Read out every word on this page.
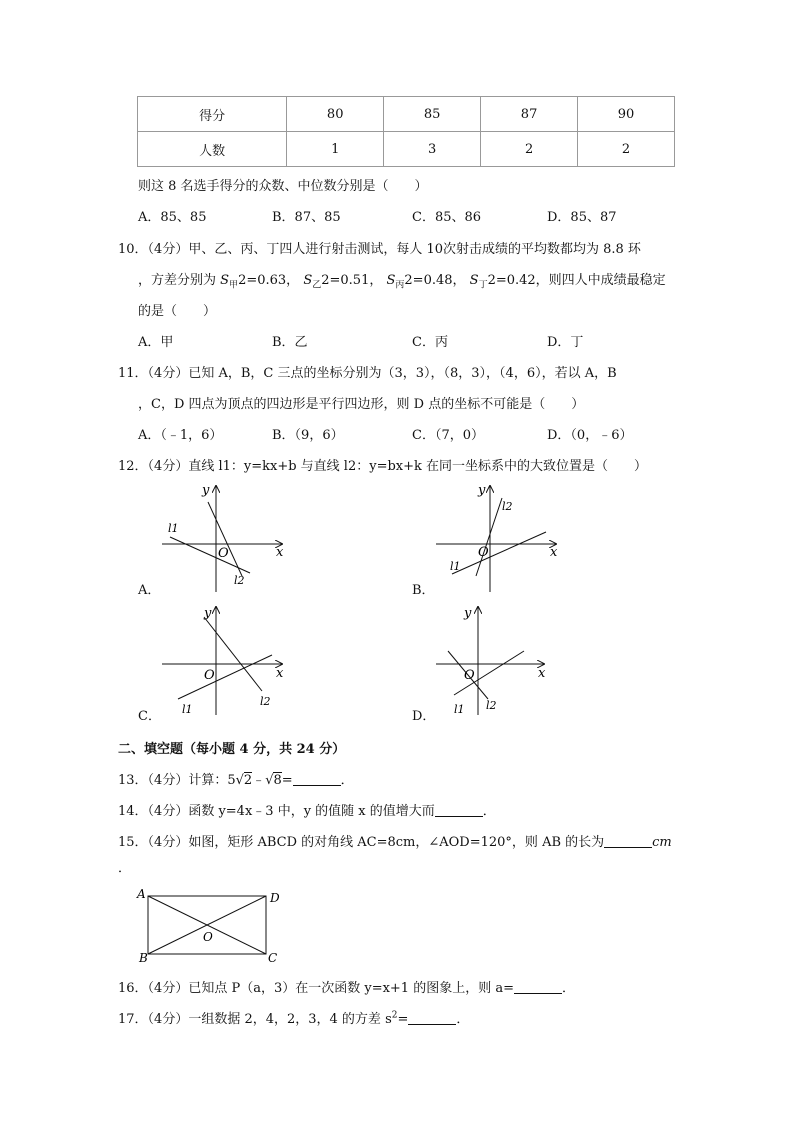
得分	80	85	87	90
人数	1	3	2	2
则这 8 名选手得分的众数、中位数分别是（　　）
A．85、85	B．87、85	C．85、86	D．85、87
10．（4分）甲、乙、丙、丁四人进行射击测试，每人 10次射击成绩的平均数都均为 8.8 环
，方差分别为 $S_甲2=0.63$， $S_乙2=0.51$， $S_丙2=0.48$， $S_丁2=0.42$，则四人中成绩最稳定
的是（　　）
A．甲	B．乙	C．丙	D．丁
11．（4分）已知 A，B，C 三点的坐标分别为（3，3），（8，3），（4，6），若以 A，B
，C，D 四点为顶点的四边形是平行四边形，则 D 点的坐标不可能是（　　）
A．（﹣1，6）	B．（9，6）	C．（7，0）	D．（0，﹣6）
12．（4分）直线 l1：y=kx+b 与直线 l2：y=bx+k 在同一坐标系中的大致位置是（　　）
A．
x
y
O
l1
l2
B．
x
y
O
l1
l2
C．
x
y
O
l1
l2
D．
x
y
O
l1 l2
二、填空题（每小题 4 分，共 24 分）
13．（4分）计算：5√2﹣√8=	．
14．（4分）函数 y=4x﹣3 中，y 的值随 x 的值增大而	．
15．（4分）如图，矩形 ABCD 的对角线 AC=8cm，∠AOD=120°，则 AB 的长为	cm
．
A	D
B	C
O
16．（4分）已知点 P（a，3）在一次函数 y=x+1 的图象上，则 a=	．
17．（4分）一组数据 2，4，2，3，4 的方差 $s^2=$	．
